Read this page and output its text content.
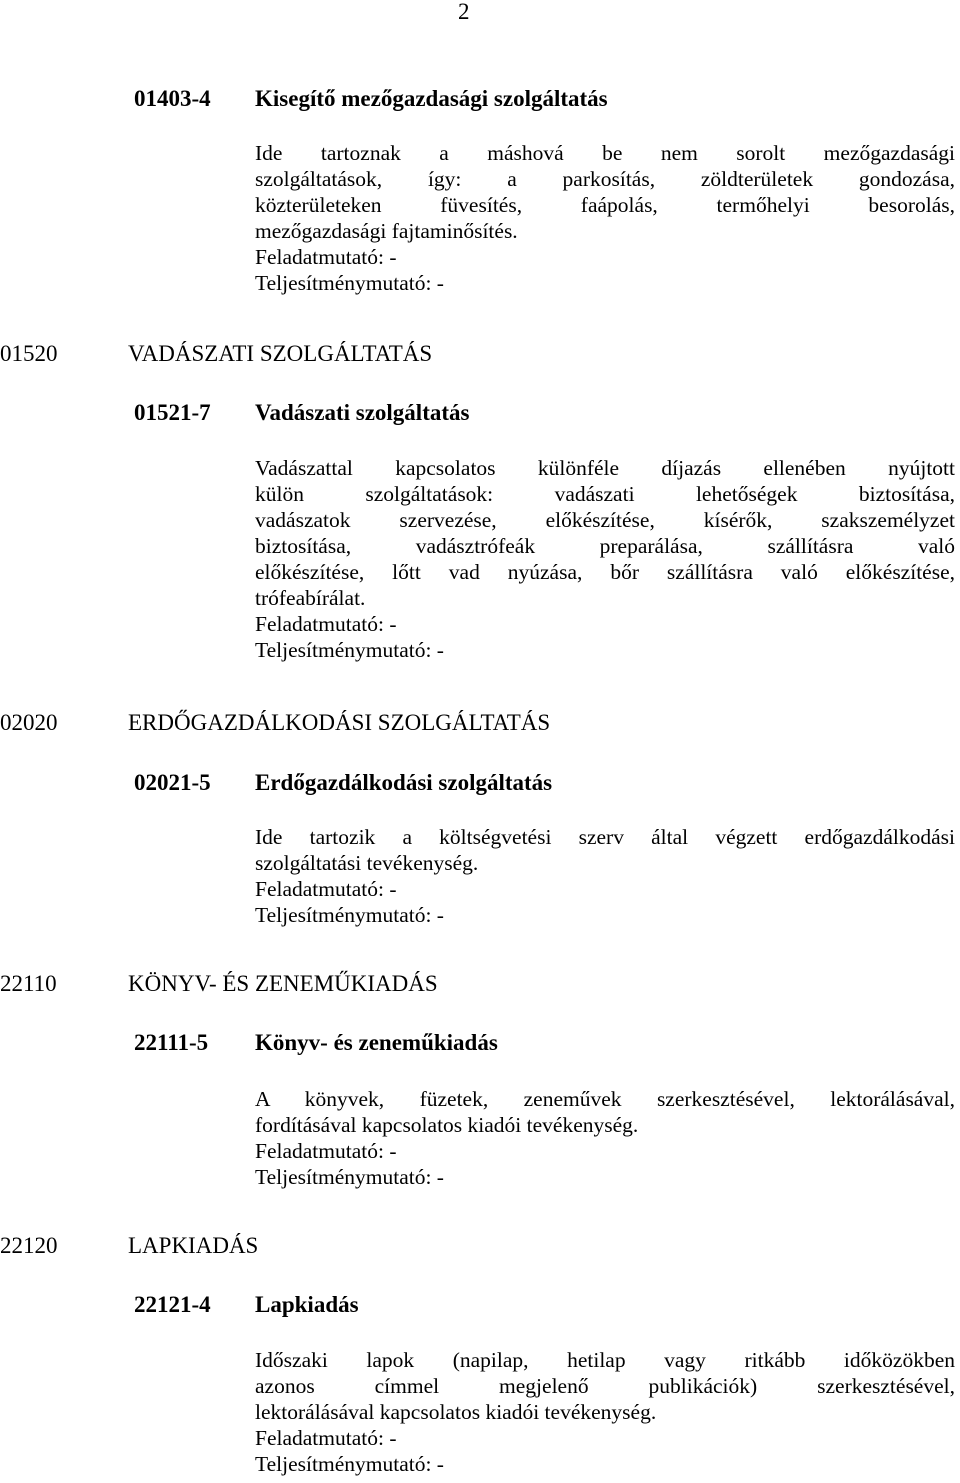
2
01403-4 Kisegítő mezőgazdasági szolgáltatás
Ide tartoznak a máshová be nem sorolt mezőgazdasági
szolgáltatások, így: a parkosítás, zöldterületek gondozása,
közterületeken füvesítés, faápolás, termőhelyi besorolás,
mezőgazdasági fajtaminősítés.
Feladatmutató: -
Teljesítménymutató: -
01520	VADÁSZATI SZOLGÁLTATÁS
01521-7 Vadászati szolgáltatás
Vadászattal kapcsolatos különféle díjazás ellenében nyújtott
külön szolgáltatások: vadászati lehetőségek biztosítása,
vadászatok szervezése, előkészítése, kísérők, szakszemélyzet
biztosítása, vadásztrófeák preparálása, szállításra való
előkészítése, lőtt vad nyúzása, bőr szállításra való előkészítése,
trófeabírálat.
Feladatmutató: -
Teljesítménymutató: -
02020	ERDŐGAZDÁLKODÁSI SZOLGÁLTATÁS
02021-5 Erdőgazdálkodási szolgáltatás
Ide tartozik a költségvetési szerv által végzett erdőgazdálkodási
szolgáltatási tevékenység.
Feladatmutató: -
Teljesítménymutató: -
22110	KÖNYV- ÉS ZENEMŰKIADÁS
22111-5 Könyv- és zeneműkiadás
A könyvek, füzetek, zeneművek szerkesztésével, lektorálásával,
fordításával kapcsolatos kiadói tevékenység.
Feladatmutató: -
Teljesítménymutató: -
22120	LAPKIADÁS
22121-4 Lapkiadás
Időszaki lapok (napilap, hetilap vagy ritkább időközökben
azonos címmel megjelenő publikációk) szerkesztésével,
lektorálásával kapcsolatos kiadói tevékenység.
Feladatmutató: -
Teljesítménymutató: -
